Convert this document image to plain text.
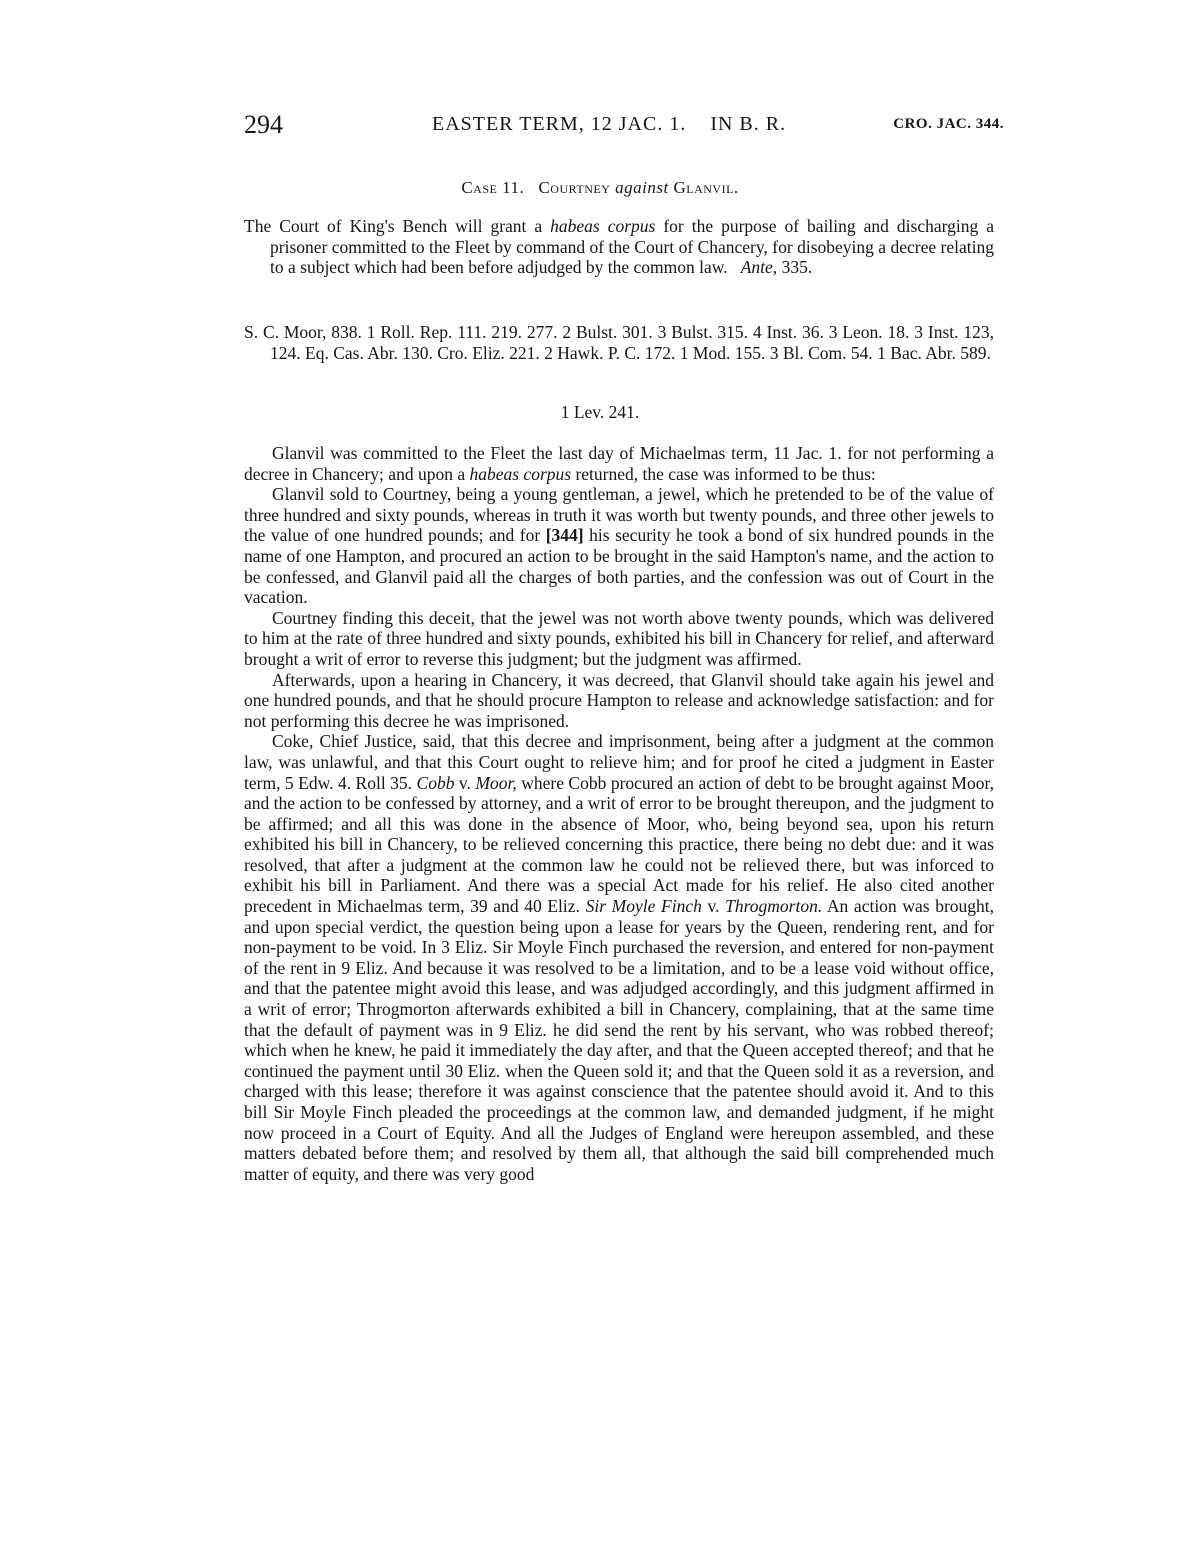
294	EASTER TERM, 12 JAC. 1.    IN B. R.	CRO. JAC. 344.
Case 11. Courtney against Glanvil.
The Court of King's Bench will grant a habeas corpus for the purpose of bailing and discharging a prisoner committed to the Fleet by command of the Court of Chancery, for disobeying a decree relating to a subject which had been before adjudged by the common law. Ante, 335.
S. C. Moor, 838. 1 Roll. Rep. 111. 219. 277. 2 Bulst. 301. 3 Bulst. 315. 4 Inst. 36. 3 Leon. 18. 3 Inst. 123, 124. Eq. Cas. Abr. 130. Cro. Eliz. 221. 2 Hawk. P. C. 172. 1 Mod. 155. 3 Bl. Com. 54. 1 Bac. Abr. 589.
1 Lev. 241.

Glanvil was committed to the Fleet the last day of Michaelmas term, 11 Jac. 1. for not performing a decree in Chancery; and upon a habeas corpus returned, the case was informed to be thus:

Glanvil sold to Courtney, being a young gentleman, a jewel, which he pretended to be of the value of three hundred and sixty pounds, whereas in truth it was worth but twenty pounds, and three other jewels to the value of one hundred pounds; and for [344] his security he took a bond of six hundred pounds in the name of one Hampton, and procured an action to be brought in the said Hampton's name, and the action to be confessed, and Glanvil paid all the charges of both parties, and the confession was out of Court in the vacation.

Courtney finding this deceit, that the jewel was not worth above twenty pounds, which was delivered to him at the rate of three hundred and sixty pounds, exhibited his bill in Chancery for relief, and afterward brought a writ of error to reverse this judgment; but the judgment was affirmed.

Afterwards, upon a hearing in Chancery, it was decreed, that Glanvil should take again his jewel and one hundred pounds, and that he should procure Hampton to release and acknowledge satisfaction: and for not performing this decree he was imprisoned.

Coke, Chief Justice, said, that this decree and imprisonment, being after a judgment at the common law, was unlawful, and that this Court ought to relieve him; and for proof he cited a judgment in Easter term, 5 Edw. 4. Roll 35. Cobb v. Moor, where Cobb procured an action of debt to be brought against Moor, and the action to be confessed by attorney, and a writ of error to be brought thereupon, and the judgment to be affirmed; and all this was done in the absence of Moor, who, being beyond sea, upon his return exhibited his bill in Chancery, to be relieved concerning this practice, there being no debt due: and it was resolved, that after a judgment at the common law he could not be relieved there, but was inforced to exhibit his bill in Parliament. And there was a special Act made for his relief. He also cited another precedent in Michaelmas term, 39 and 40 Eliz. Sir Moyle Finch v. Throgmorton. An action was brought, and upon special verdict, the question being upon a lease for years by the Queen, rendering rent, and for non-payment to be void. In 3 Eliz. Sir Moyle Finch purchased the reversion, and entered for non-payment of the rent in 9 Eliz. And because it was resolved to be a limitation, and to be a lease void without office, and that the patentee might avoid this lease, and was adjudged accordingly, and this judgment affirmed in a writ of error; Throgmorton afterwards exhibited a bill in Chancery, complaining, that at the same time that the default of payment was in 9 Eliz. he did send the rent by his servant, who was robbed thereof; which when he knew, he paid it immediately the day after, and that the Queen accepted thereof; and that he continued the payment until 30 Eliz. when the Queen sold it; and that the Queen sold it as a reversion, and charged with this lease; therefore it was against conscience that the patentee should avoid it. And to this bill Sir Moyle Finch pleaded the proceedings at the common law, and demanded judgment, if he might now proceed in a Court of Equity. And all the Judges of England were hereupon assembled, and these matters debated before them; and resolved by them all, that although the said bill comprehended much matter of equity, and there was very good
